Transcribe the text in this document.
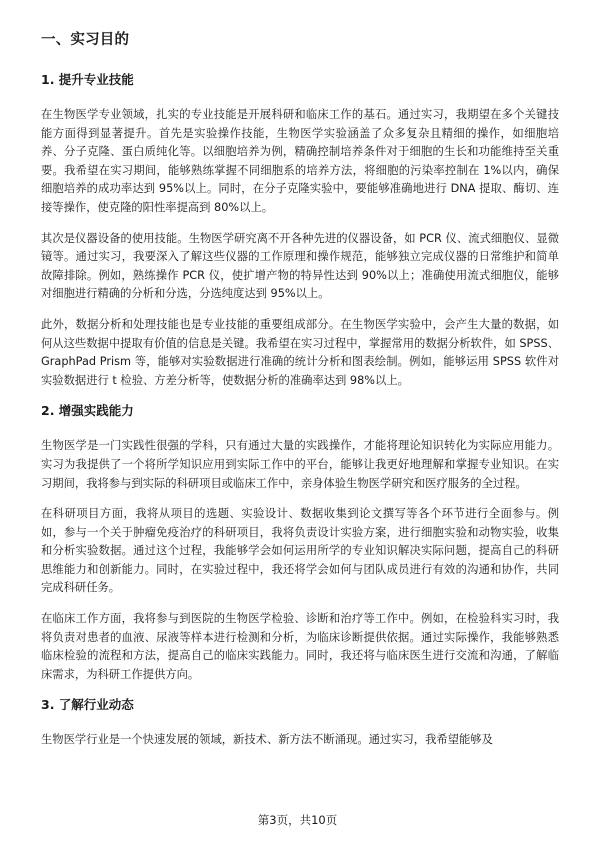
一、实习目的
1. 提升专业技能

在生物医学专业领域，扎实的专业技能是开展科研和临床工作的基石。通过实习，我期望在多个关键技能方面得到显著提升。首先是实验操作技能，生物医学实验涵盖了众多复杂且精细的操作，如细胞培养、分子克隆、蛋白质纯化等。以细胞培养为例，精确控制培养条件对于细胞的生长和功能维持至关重要。我希望在实习期间，能够熟练掌握不同细胞系的培养方法，将细胞的污染率控制在 1%以内，确保细胞培养的成功率达到 95%以上。同时，在分子克隆实验中，要能够准确地进行 DNA 提取、酶切、连接等操作，使克隆的阳性率提高到 80%以上。

其次是仪器设备的使用技能。生物医学研究离不开各种先进的仪器设备，如 PCR 仪、流式细胞仪、显微镜等。通过实习，我要深入了解这些仪器的工作原理和操作规范，能够独立完成仪器的日常维护和简单故障排除。例如，熟练操作 PCR 仪，使扩增产物的特异性达到 90%以上；准确使用流式细胞仪，能够对细胞进行精确的分析和分选，分选纯度达到 95%以上。

此外，数据分析和处理技能也是专业技能的重要组成部分。在生物医学实验中，会产生大量的数据，如何从这些数据中提取有价值的信息是关键。我希望在实习过程中，掌握常用的数据分析软件，如 SPSS、GraphPad Prism 等，能够对实验数据进行准确的统计分析和图表绘制。例如，能够运用 SPSS 软件对实验数据进行 t 检验、方差分析等，使数据分析的准确率达到 98%以上。

2. 增强实践能力

生物医学是一门实践性很强的学科，只有通过大量的实践操作，才能将理论知识转化为实际应用能力。实习为我提供了一个将所学知识应用到实际工作中的平台，能够让我更好地理解和掌握专业知识。在实习期间，我将参与到实际的科研项目或临床工作中，亲身体验生物医学研究和医疗服务的全过程。

在科研项目方面，我将从项目的选题、实验设计、数据收集到论文撰写等各个环节进行全面参与。例如，参与一个关于肿瘤免疫治疗的科研项目，我将负责设计实验方案，进行细胞实验和动物实验，收集和分析实验数据。通过这个过程，我能够学会如何运用所学的专业知识解决实际问题，提高自己的科研思维能力和创新能力。同时，在实验过程中，我还将学会如何与团队成员进行有效的沟通和协作，共同完成科研任务。

在临床工作方面，我将参与到医院的生物医学检验、诊断和治疗等工作中。例如，在检验科实习时，我将负责对患者的血液、尿液等样本进行检测和分析，为临床诊断提供依据。通过实际操作，我能够熟悉临床检验的流程和方法，提高自己的临床实践能力。同时，我还将与临床医生进行交流和沟通，了解临床需求，为科研工作提供方向。

3. 了解行业动态

生物医学行业是一个快速发展的领域，新技术、新方法不断涌现。通过实习，我希望能够及

第3页，共10页
